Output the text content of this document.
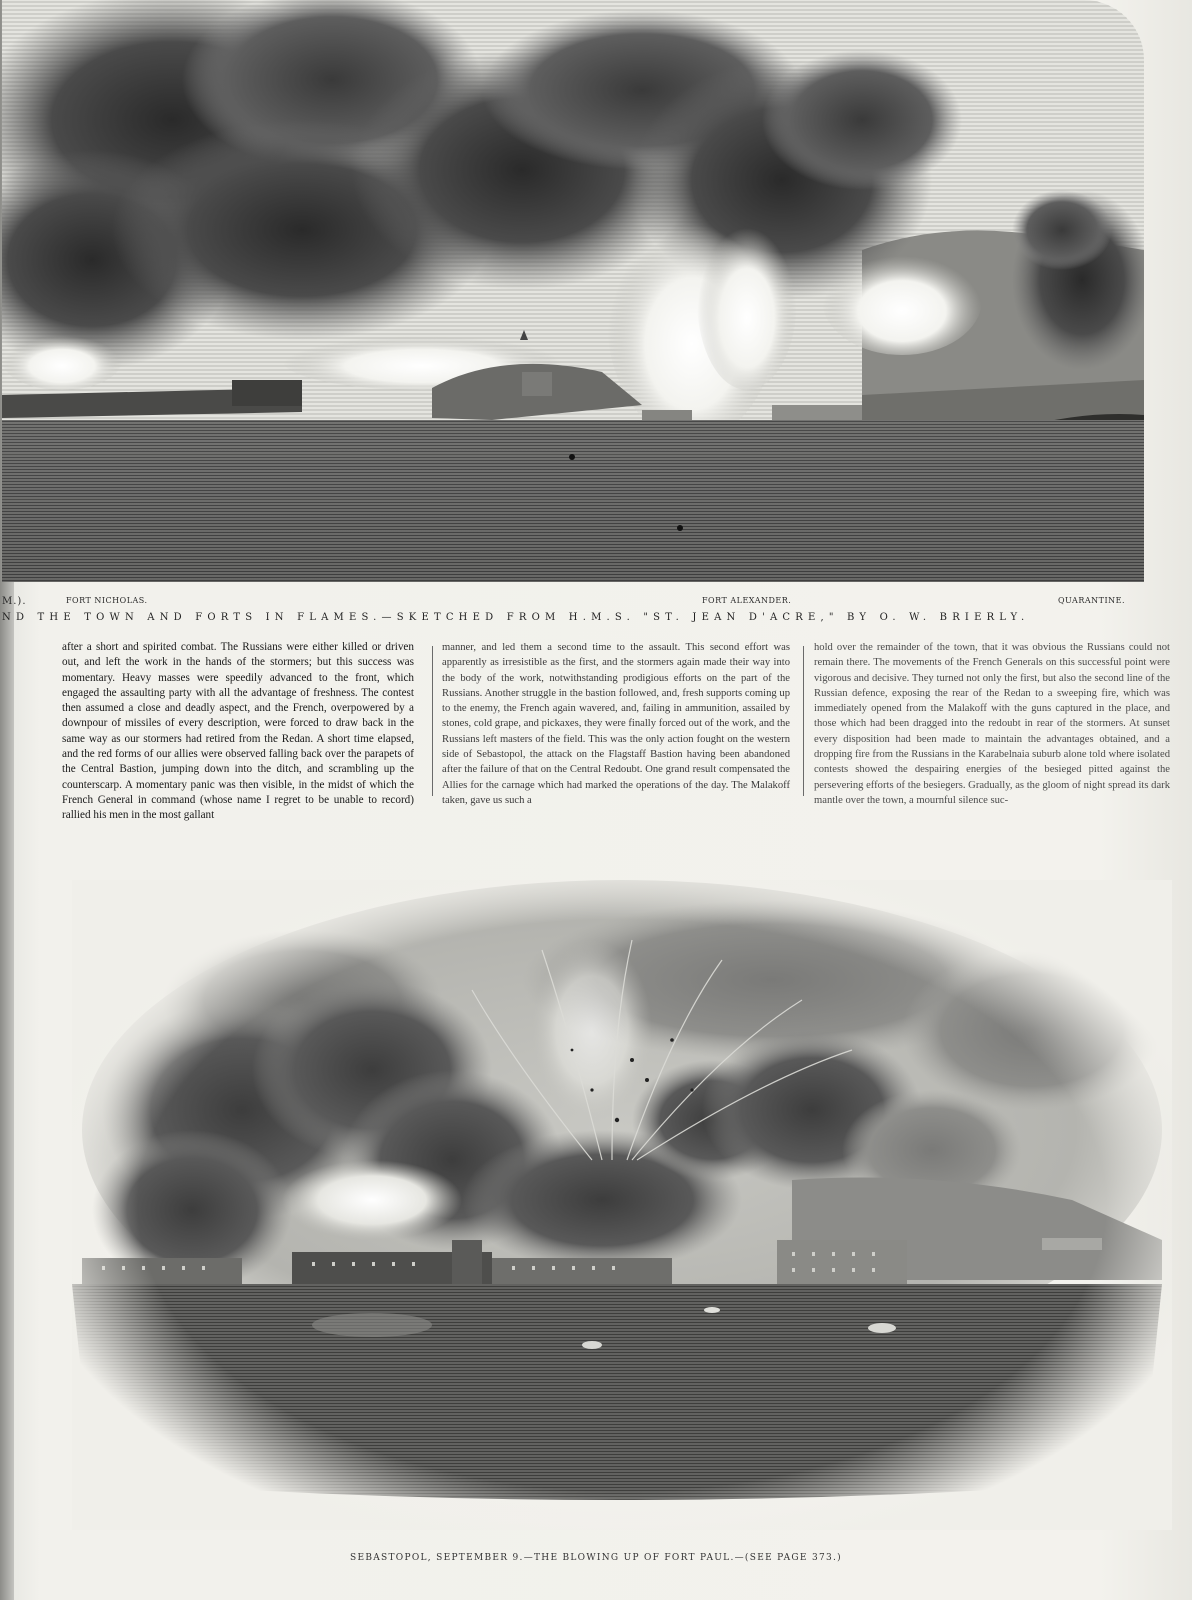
M.).	FORT NICHOLAS.	FORT ALEXANDER.	QUARANTINE.
ND THE TOWN AND FORTS IN FLAMES.—SKETCHED FROM H.M.S. "ST. JEAN D'ACRE," BY O. W. BRIERLY.
after a short and spirited combat. The Russians were either killed or driven out, and left the work in the hands of the stormers; but this success was momentary. Heavy masses were speedily advanced to the front, which engaged the assaulting party with all the advantage of freshness. The contest then assumed a close and deadly aspect, and the French, overpowered by a downpour of missiles of every description, were forced to draw back in the same way as our stormers had retired from the Redan. A short time elapsed, and the red forms of our allies were observed falling back over the parapets of the Central Bastion, jumping down into the ditch, and scrambling up the counterscarp. A momentary panic was then visible, in the midst of which the French General in command (whose name I regret to be unable to record) rallied his men in the most gallant
manner, and led them a second time to the assault. This second effort was apparently as irresistible as the first, and the stormers again made their way into the body of the work, notwithstanding prodigious efforts on the part of the Russians. Another struggle in the bastion followed, and, fresh supports coming up to the enemy, the French again wavered, and, failing in ammunition, assailed by stones, cold grape, and pickaxes, they were finally forced out of the work, and the Russians left masters of the field. This was the only action fought on the western side of Sebastopol, the attack on the Flagstaff Bastion having been abandoned after the failure of that on the Central Redoubt. One grand result compensated the Allies for the carnage which had marked the operations of the day. The Malakoff taken, gave us such a
hold over the remainder of the town, that it was obvious the Russians could not remain there. The movements of the French Generals on this successful point were vigorous and decisive. They turned not only the first, but also the second line of the Russian defence, exposing the rear of the Redan to a sweeping fire, which was immediately opened from the Malakoff with the guns captured in the place, and those which had been dragged into the redoubt in rear of the stormers. At sunset every disposition had been made to maintain the advantages obtained, and a dropping fire from the Russians in the Karabelnaia suburb alone told where isolated contests showed the despairing energies of the besieged pitted against the persevering efforts of the besiegers. Gradually, as the gloom of night spread its dark mantle over the town, a mournful silence suc-
SEBASTOPOL, SEPTEMBER 9.—THE BLOWING UP OF FORT PAUL.—(SEE PAGE 373.)
